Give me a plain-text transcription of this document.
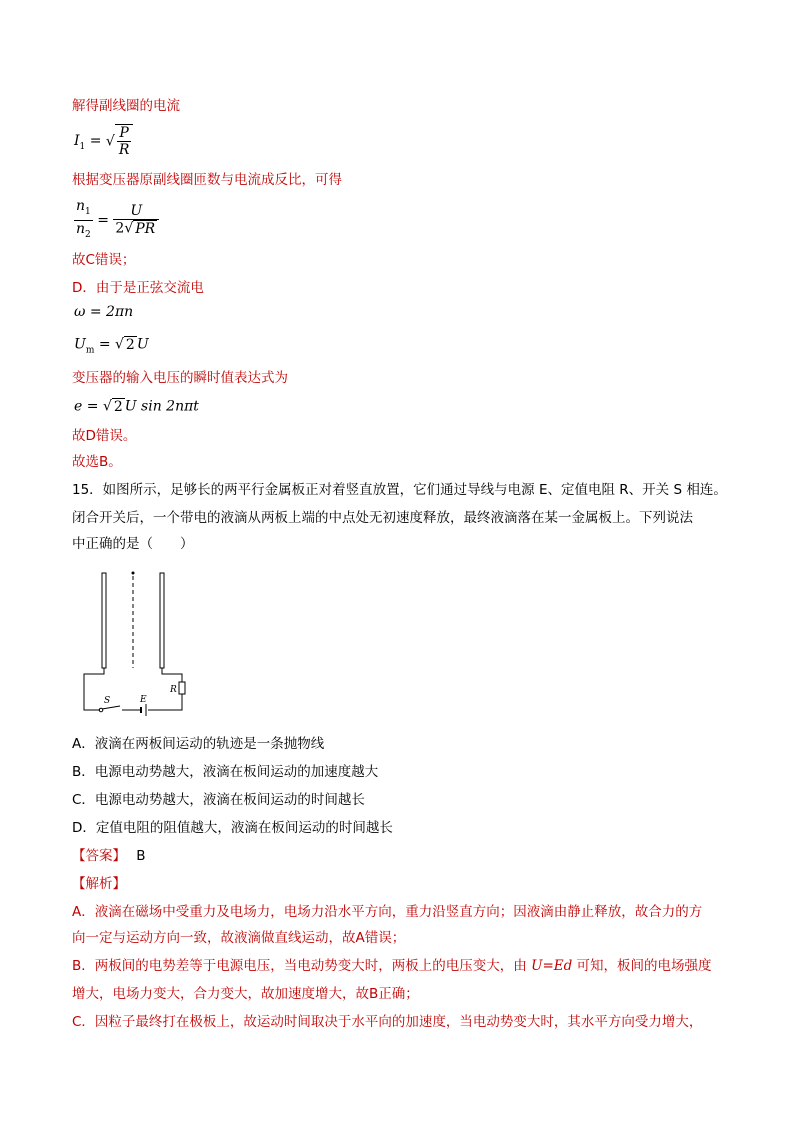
解得副线圈的电流
$I_1$ = √ $\frac{P}{R}$
根据变压器原副线圈匝数与电流成反比，可得
$\frac{n_1}{n_2} = \frac{U}{2√ PR}$
故C错误；
D．由于是正弦交流电
ω = 2πn
$U_m$ = √ 2 U
变压器的输入电压的瞬时值表达式为
e = √ 2 U sin 2nπt
故D错误。
故选B。
15．如图所示，足够长的两平行金属板正对着竖直放置，它们通过导线与电源 E、定值电阻 R、开关 S 相连。
闭合开关后，一个带电的液滴从两板上端的中点处无初速度释放，最终液滴落在某一金属板上。下列说法
中正确的是（　　）
S	E
R
A．液滴在两板间运动的轨迹是一条抛物线
B．电源电动势越大，液滴在板间运动的加速度越大
C．电源电动势越大，液滴在板间运动的时间越长
D．定值电阻的阻值越大，液滴在板间运动的时间越长
【答案】 B
【解析】
A．液滴在磁场中受重力及电场力，电场力沿水平方向，重力沿竖直方向；因液滴由静止释放，故合力的方
向一定与运动方向一致，故液滴做直线运动，故A错误；
B．两板间的电势差等于电源电压，当电动势变大时，两板上的电压变大，由 U=Ed 可知，板间的电场强度
增大，电场力变大，合力变大，故加速度增大，故B正确；
C．因粒子最终打在极板上，故运动时间取决于水平向的加速度，当电动势变大时，其水平方向受力增大，
